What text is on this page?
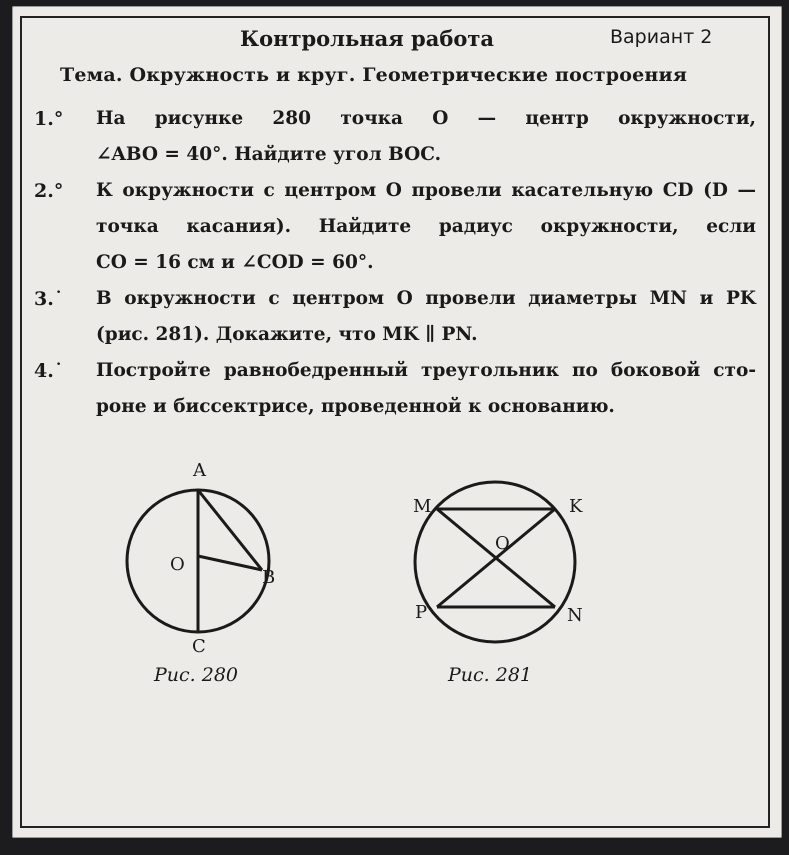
Контрольная работа	Вариант 2
Тема. Окружность и круг. Геометрические построения
1.° На рисунке 280 точка O — центр окружности,
∠ABO = 40°. Найдите угол BOC.
2.° К окружности с центром O провели касательную CD (D —
точка касания). Найдите радиус окружности, если
CO = 16 см и ∠COD = 60°.
3.˙ В окружности с центром O провели диаметры MN и PK
(рис. 281). Докажите, что MK ∥ PN.
4.˙ Постройте равнобедренный треугольник по боковой сто-
роне и биссектрисе, проведенной к основанию.
A
O
B
C
Рис. 280
M	K
O
P	N
Рис. 281
